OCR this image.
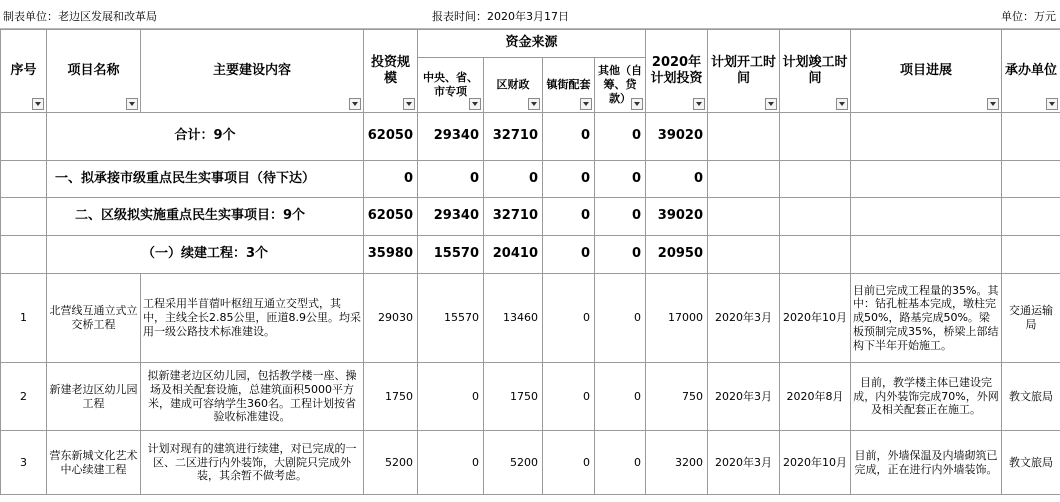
制表单位：老边区发展和改革局	报表时间：2020年3月17日	单位：万元
序号	项目名称	主要建设内容	投资规模	资金来源				2020年计划投资	计划开工时间	计划竣工时间	项目进展	承办单位

				中央、省、市专项	区财政	镇街配套	其他（自筹、贷款）					

	合计：9个		62050	29340	32710	0	0	39020				
	一、拟承接市级重点民生实事项目（待下达）		0	0	0	0	0	0				
	二、区级拟实施重点民生实事项目：9个		62050	29340	32710	0	0	39020				
	（一）续建工程：3个		35980	15570	20410	0	0	20950				
1	北营线互通立式立交桥工程	工程采用半苜蓿叶枢纽互通立交型式，其中，主线全长2.85公里，匝道8.9公里。均采用一级公路技术标准建设。	29030	15570	13460	0	0	17000	2020年3月	2020年10月	目前已完成工程量的35%。其中：钻孔桩基本完成，墩柱完成50%，路基完成50%。梁板预制完成35%，桥梁上部结构下半年开始施工。	交通运输局
2	新建老边区幼儿园工程	拟新建老边区幼儿园，包括教学楼一座、操场及相关配套设施，总建筑面积5000平方米，建成可容纳学生360名。工程计划按省验收标准建设。	1750	0	1750	0	0	750	2020年3月	2020年8月	目前，教学楼主体已建设完成，内外装饰完成70%，外网及相关配套正在施工。	教文旅局
3	营东新城文化艺术中心续建工程	计划对现有的建筑进行续建，对已完成的一区、二区进行内外装饰，大剧院只完成外装，其余暂不做考虑。	5200	0	5200	0	0	3200	2020年3月	2020年10月	目前，外墙保温及内墙砌筑已完成，正在进行内外墙装饰。	教文旅局
